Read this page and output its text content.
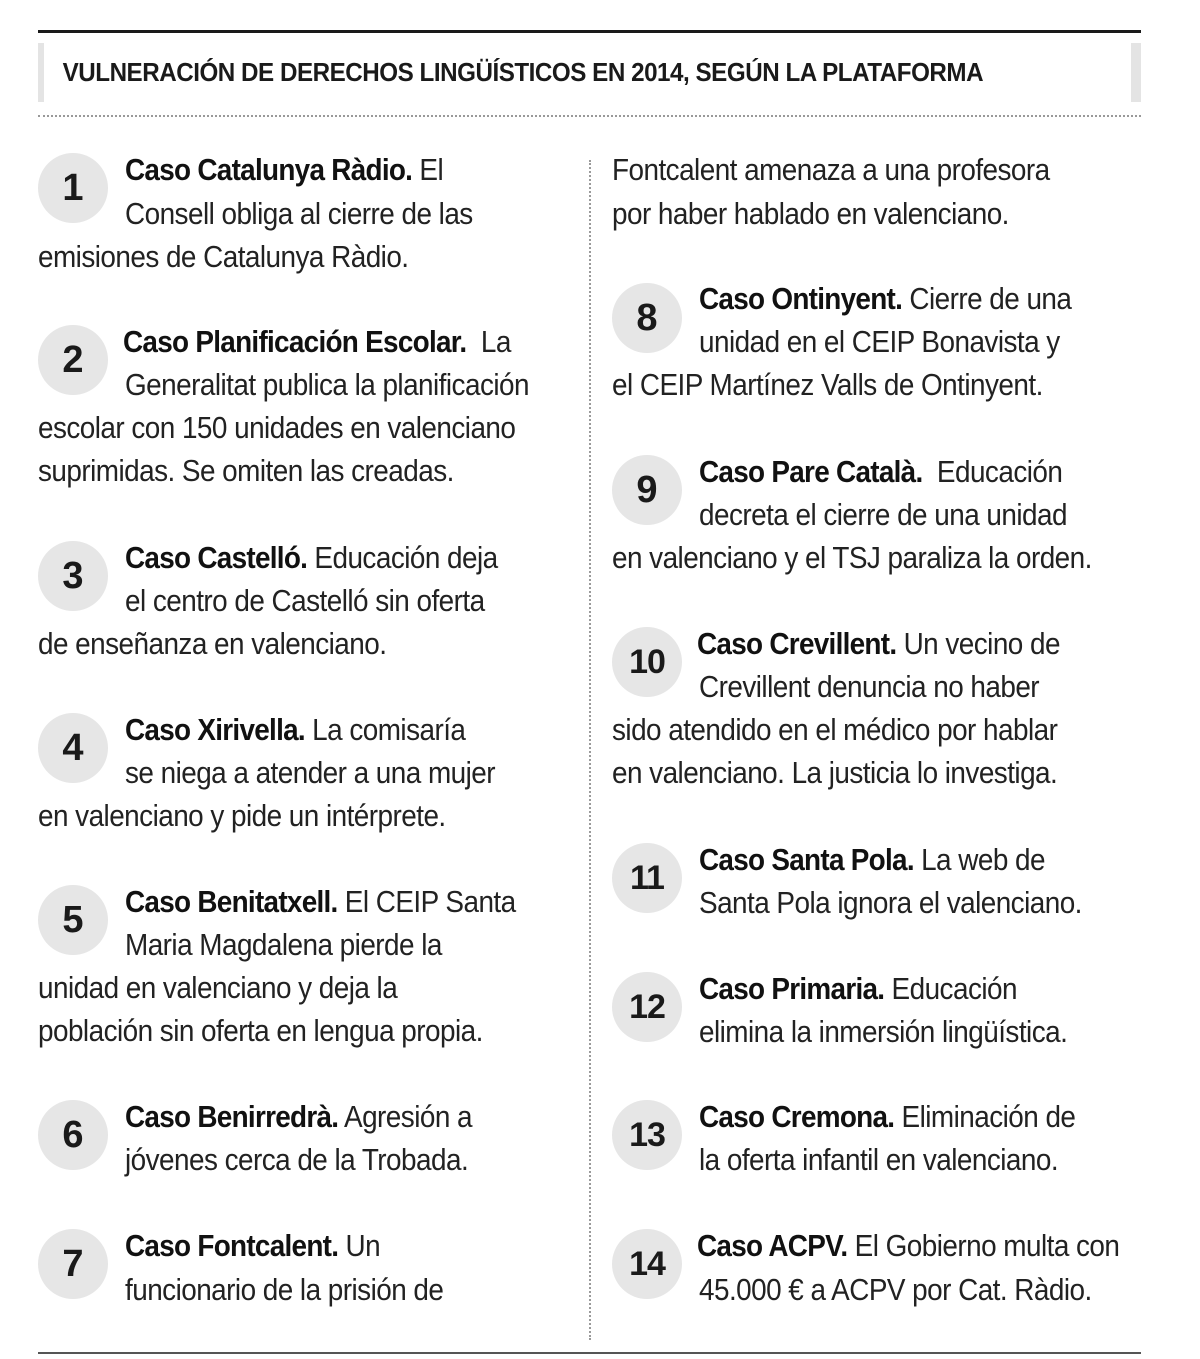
VULNERACIÓN DE DERECHOS LINGÜÍSTICOS EN 2014, SEGÚN LA PLATAFORMA
1	Caso Catalunya Ràdio. El
Consell obliga al cierre de las
emisiones de Catalunya Ràdio.
2	Caso Planificación Escolar. La
Generalitat publica la planificación
escolar con 150 unidades en valenciano
suprimidas. Se omiten las creadas.
3	Caso Castelló. Educación deja
el centro de Castelló sin oferta
de enseñanza en valenciano.
4	Caso Xirivella. La comisaría
se niega a atender a una mujer
en valenciano y pide un intérprete.
5	Caso Benitatxell. El CEIP Santa
Maria Magdalena pierde la
unidad en valenciano y deja la
población sin oferta en lengua propia.
6	Caso Benirredrà. Agresión a
jóvenes cerca de la Trobada.
7	Caso Fontcalent. Un
funcionario de la prisión de
Fontcalent amenaza a una profesora
por haber hablado en valenciano.
8	Caso Ontinyent. Cierre de una
unidad en el CEIP Bonavista y
el CEIP Martínez Valls de Ontinyent.
9	Caso Pare Català. Educación
decreta el cierre de una unidad
en valenciano y el TSJ paraliza la orden.
10	Caso Crevillent. Un vecino de
Crevillent denuncia no haber
sido atendido en el médico por hablar
en valenciano. La justicia lo investiga.
11	Caso Santa Pola. La web de
Santa Pola ignora el valenciano.
12	Caso Primaria. Educación
elimina la inmersión lingüística.
13	Caso Cremona. Eliminación de
la oferta infantil en valenciano.
14	Caso ACPV. El Gobierno multa con
45.000 € a ACPV por Cat. Ràdio.
